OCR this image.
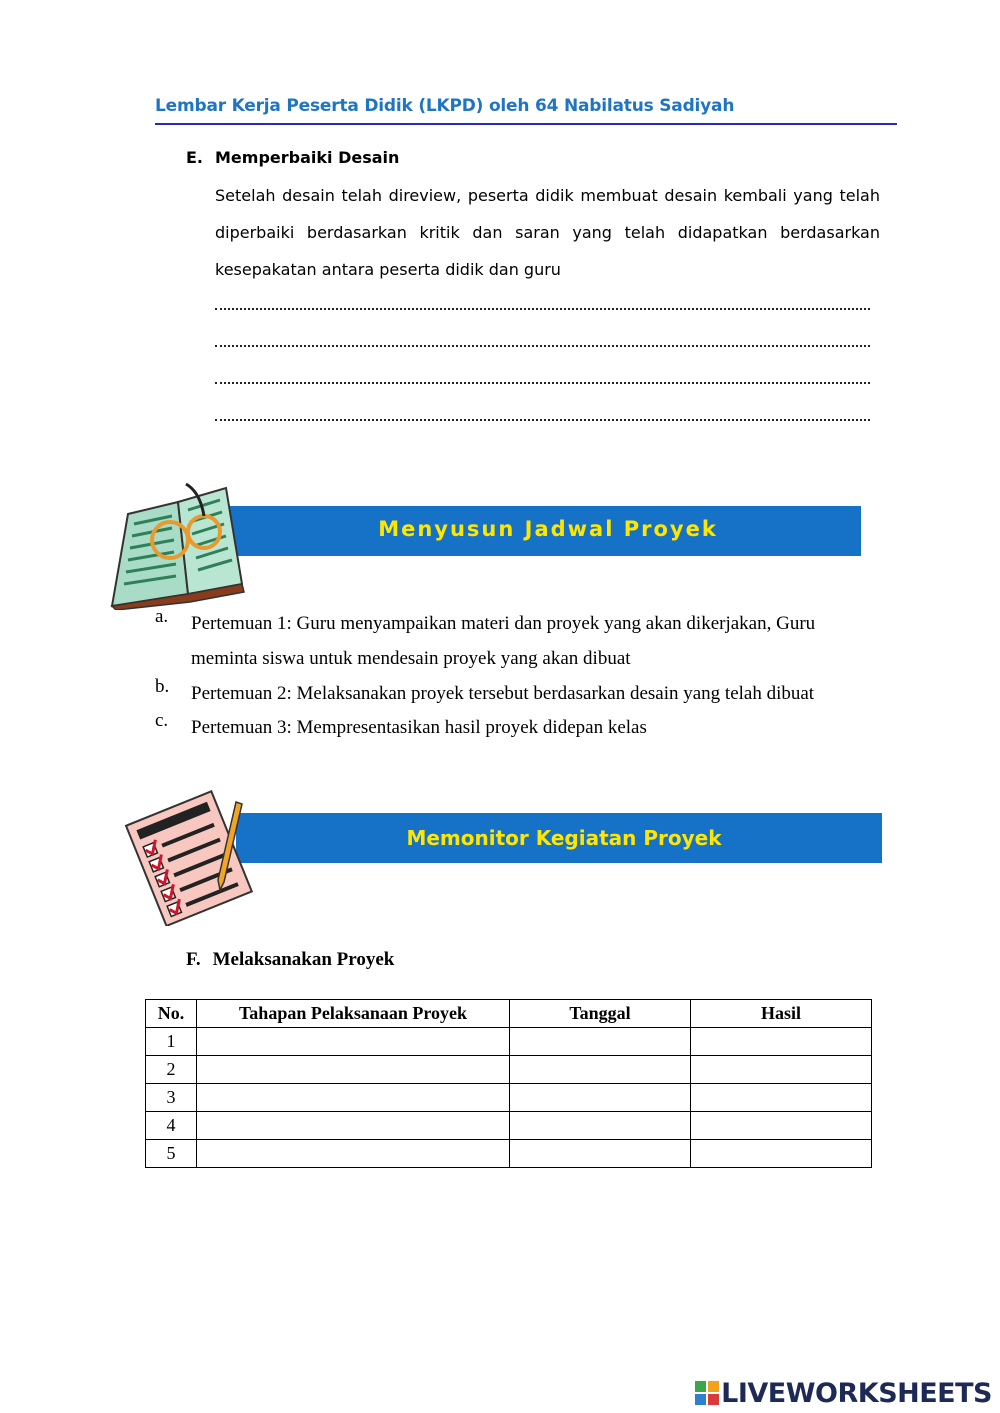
Lembar Kerja Peserta Didik (LKPD) oleh 64 Nabilatus Sadiyah
E. Memperbaiki Desain
Setelah desain telah direview, peserta didik membuat desain kembali yang telah diperbaiki berdasarkan kritik dan saran yang telah didapatkan berdasarkan kesepakatan antara peserta didik dan guru
Menyusun Jadwal Proyek
a. Pertemuan 1: Guru menyampaikan materi dan proyek yang akan dikerjakan, Guru meminta siswa untuk mendesain proyek yang akan dibuat
b. Pertemuan 2: Melaksanakan proyek tersebut berdasarkan desain yang telah dibuat
c. Pertemuan 3: Mempresentasikan hasil proyek didepan kelas
Memonitor Kegiatan Proyek
F. Melaksanakan Proyek
No.	Tahapan Pelaksanaan Proyek	Tanggal	Hasil
1			
2			
3			
4			
5			
LIVEWORKSHEETS
